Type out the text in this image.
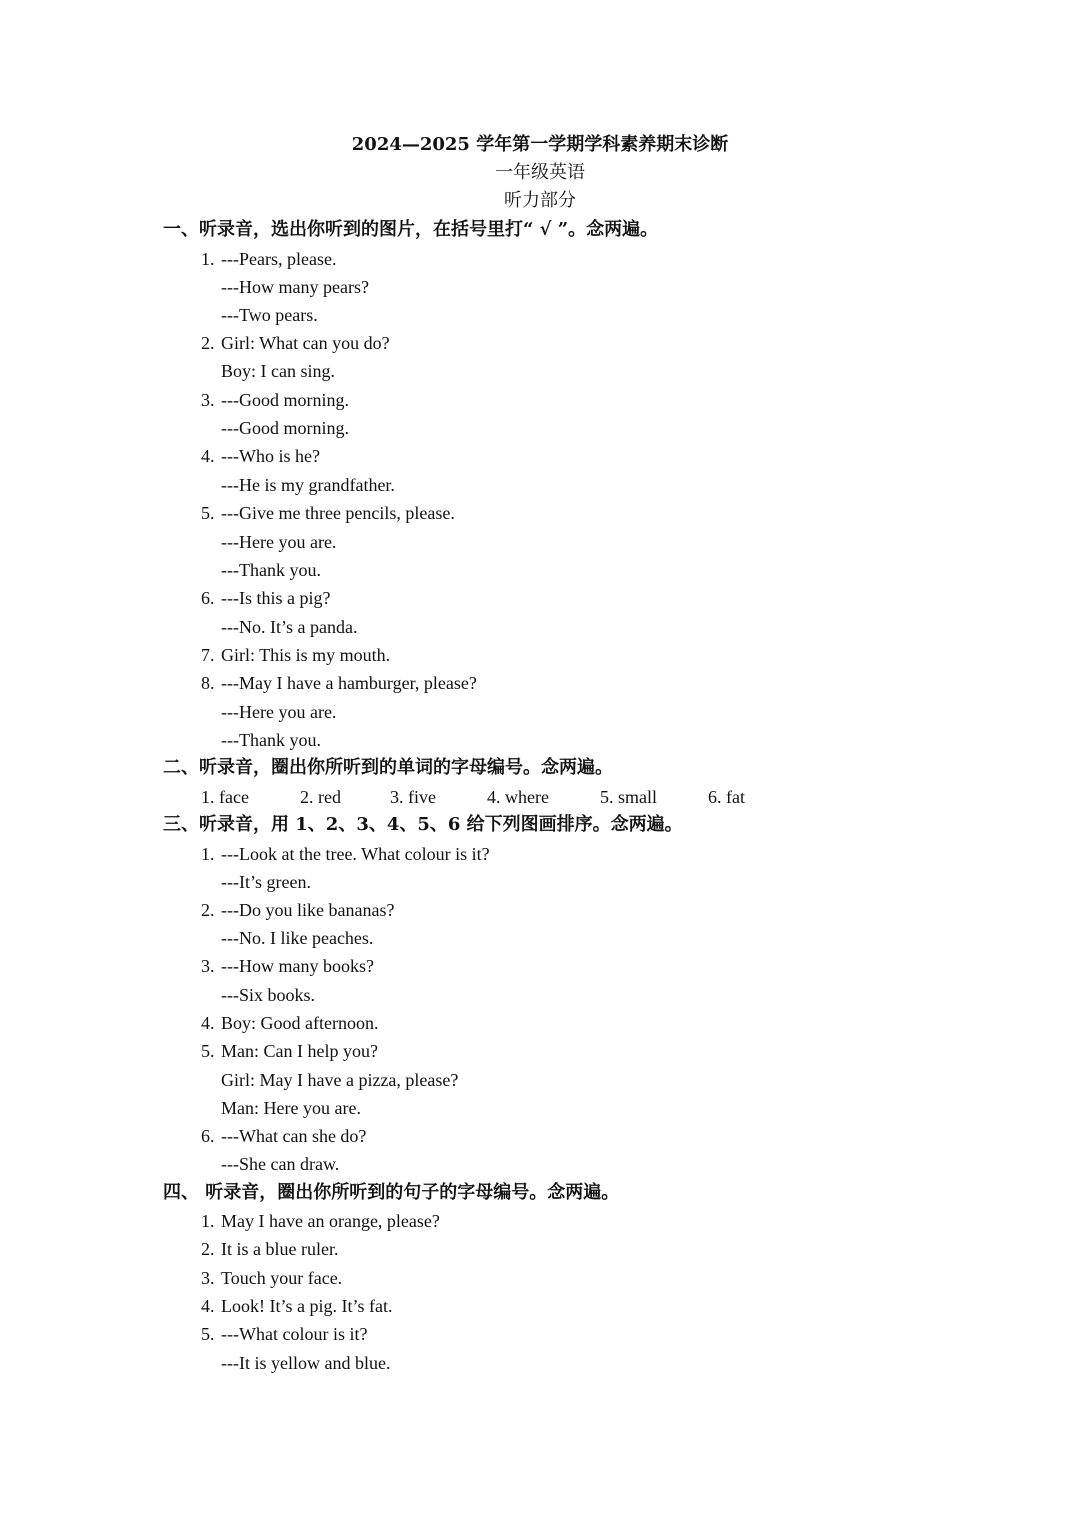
2024—2025 学年第一学期学科素养期末诊断
一年级英语
听力部分
一、听录音，选出你听到的图片，在括号里打“ √ ”。念两遍。
1. ---Pears, please.
---How many pears?
---Two pears.
2. Girl: What can you do?
Boy: I can sing.
3. ---Good morning.
---Good morning.
4. ---Who is he?
---He is my grandfather.
5. ---Give me three pencils, please.
---Here you are.
---Thank you.
6. ---Is this a pig?
---No. It’s a panda.
7. Girl: This is my mouth.
8. ---May I have a hamburger, please?
---Here you are.
---Thank you.
二、听录音，圈出你所听到的单词的字母编号。念两遍。
1. face	2. red	3. five	4. where	5. small	6. fat
三、听录音，用 1、2、3、4、5、6 给下列图画排序。念两遍。
1. ---Look at the tree. What colour is it?
---It’s green.
2. ---Do you like bananas?
---No. I like peaches.
3. ---How many books?
---Six books.
4. Boy: Good afternoon.
5. Man: Can I help you?
Girl: May I have a pizza, please?
Man: Here you are.
6. ---What can she do?
---She can draw.
四、 听录音，圈出你所听到的句子的字母编号。念两遍。
1. May I have an orange, please?
2. It is a blue ruler.
3. Touch your face.
4. Look! It’s a pig. It’s fat.
5. ---What colour is it?
---It is yellow and blue.
